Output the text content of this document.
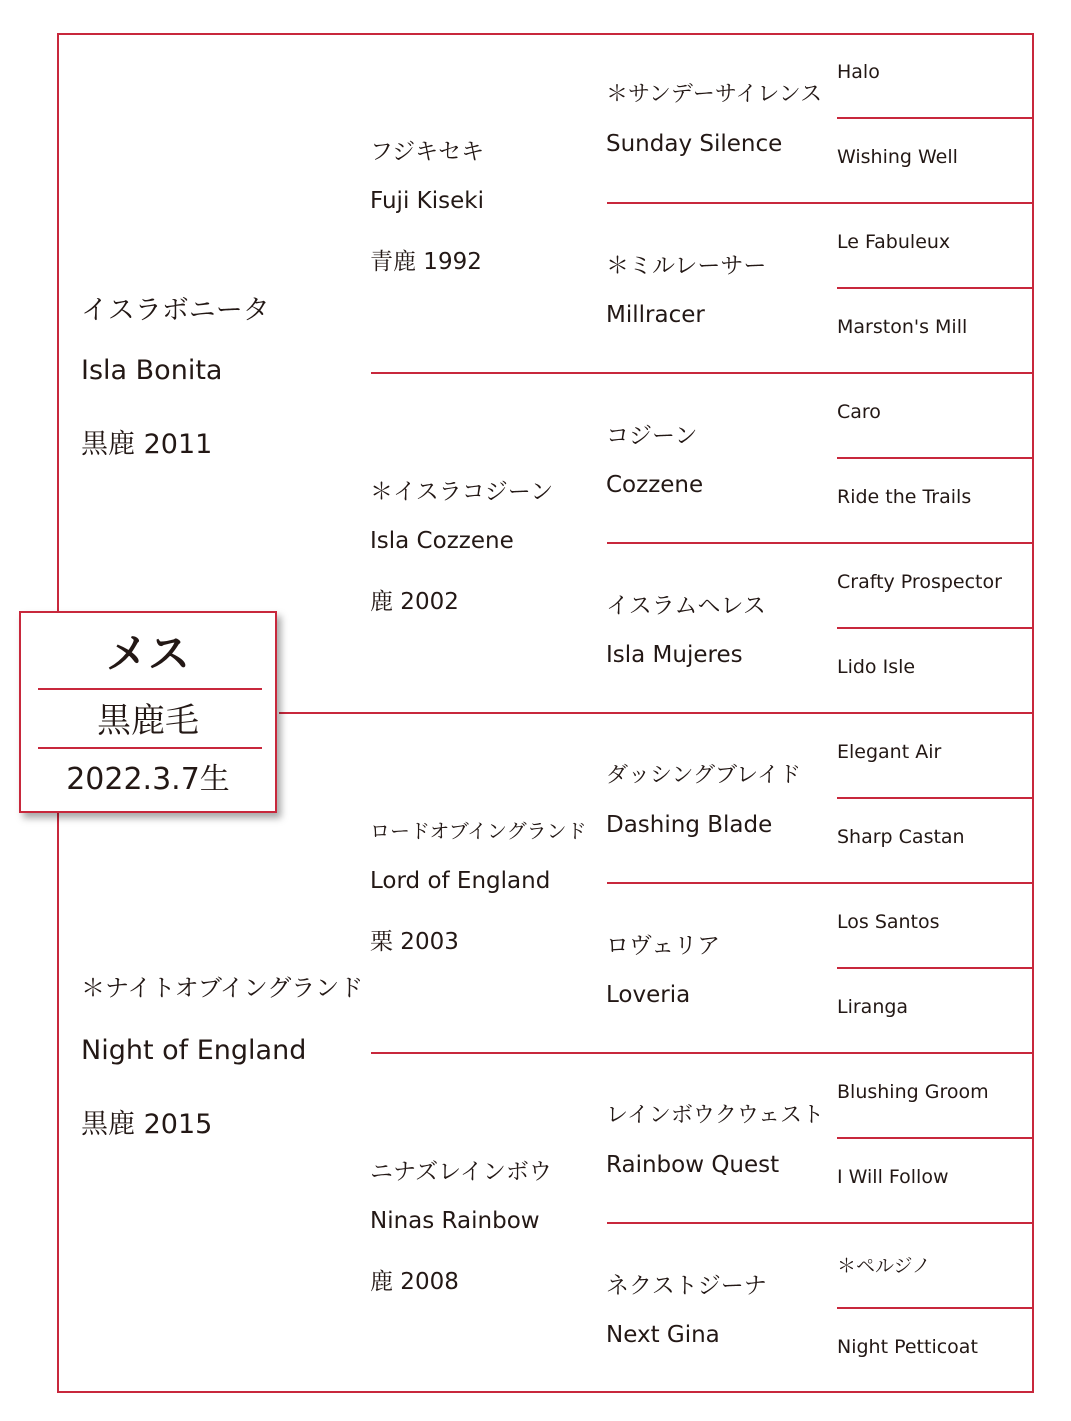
イスラボニータ
Isla Bonita
黒鹿 2011
＊ナイトオブイングランド
Night of England
黒鹿 2015
フジキセキ
Fuji Kiseki
青鹿 1992
＊イスラコジーン
Isla Cozzene
鹿 2002
ロードオブイングランド
Lord of England
栗 2003
ニナズレインボウ
Ninas Rainbow
鹿 2008
＊サンデーサイレンス
Sunday Silence
＊ミルレーサー
Millracer
コジーン
Cozzene
イスラムヘレス
Isla Mujeres
ダッシングブレイド
Dashing Blade
ロヴェリア
Loveria
レインボウクウェスト
Rainbow Quest
ネクストジーナ
Next Gina
Halo
Wishing Well
Le Fabuleux
Marston's Mill
Caro
Ride the Trails
Crafty Prospector
Lido Isle
Elegant Air
Sharp Castan
Los Santos
Liranga
Blushing Groom
I Will Follow
＊ペルジノ
Night Petticoat
メス
黒鹿毛
2022.3.7生
